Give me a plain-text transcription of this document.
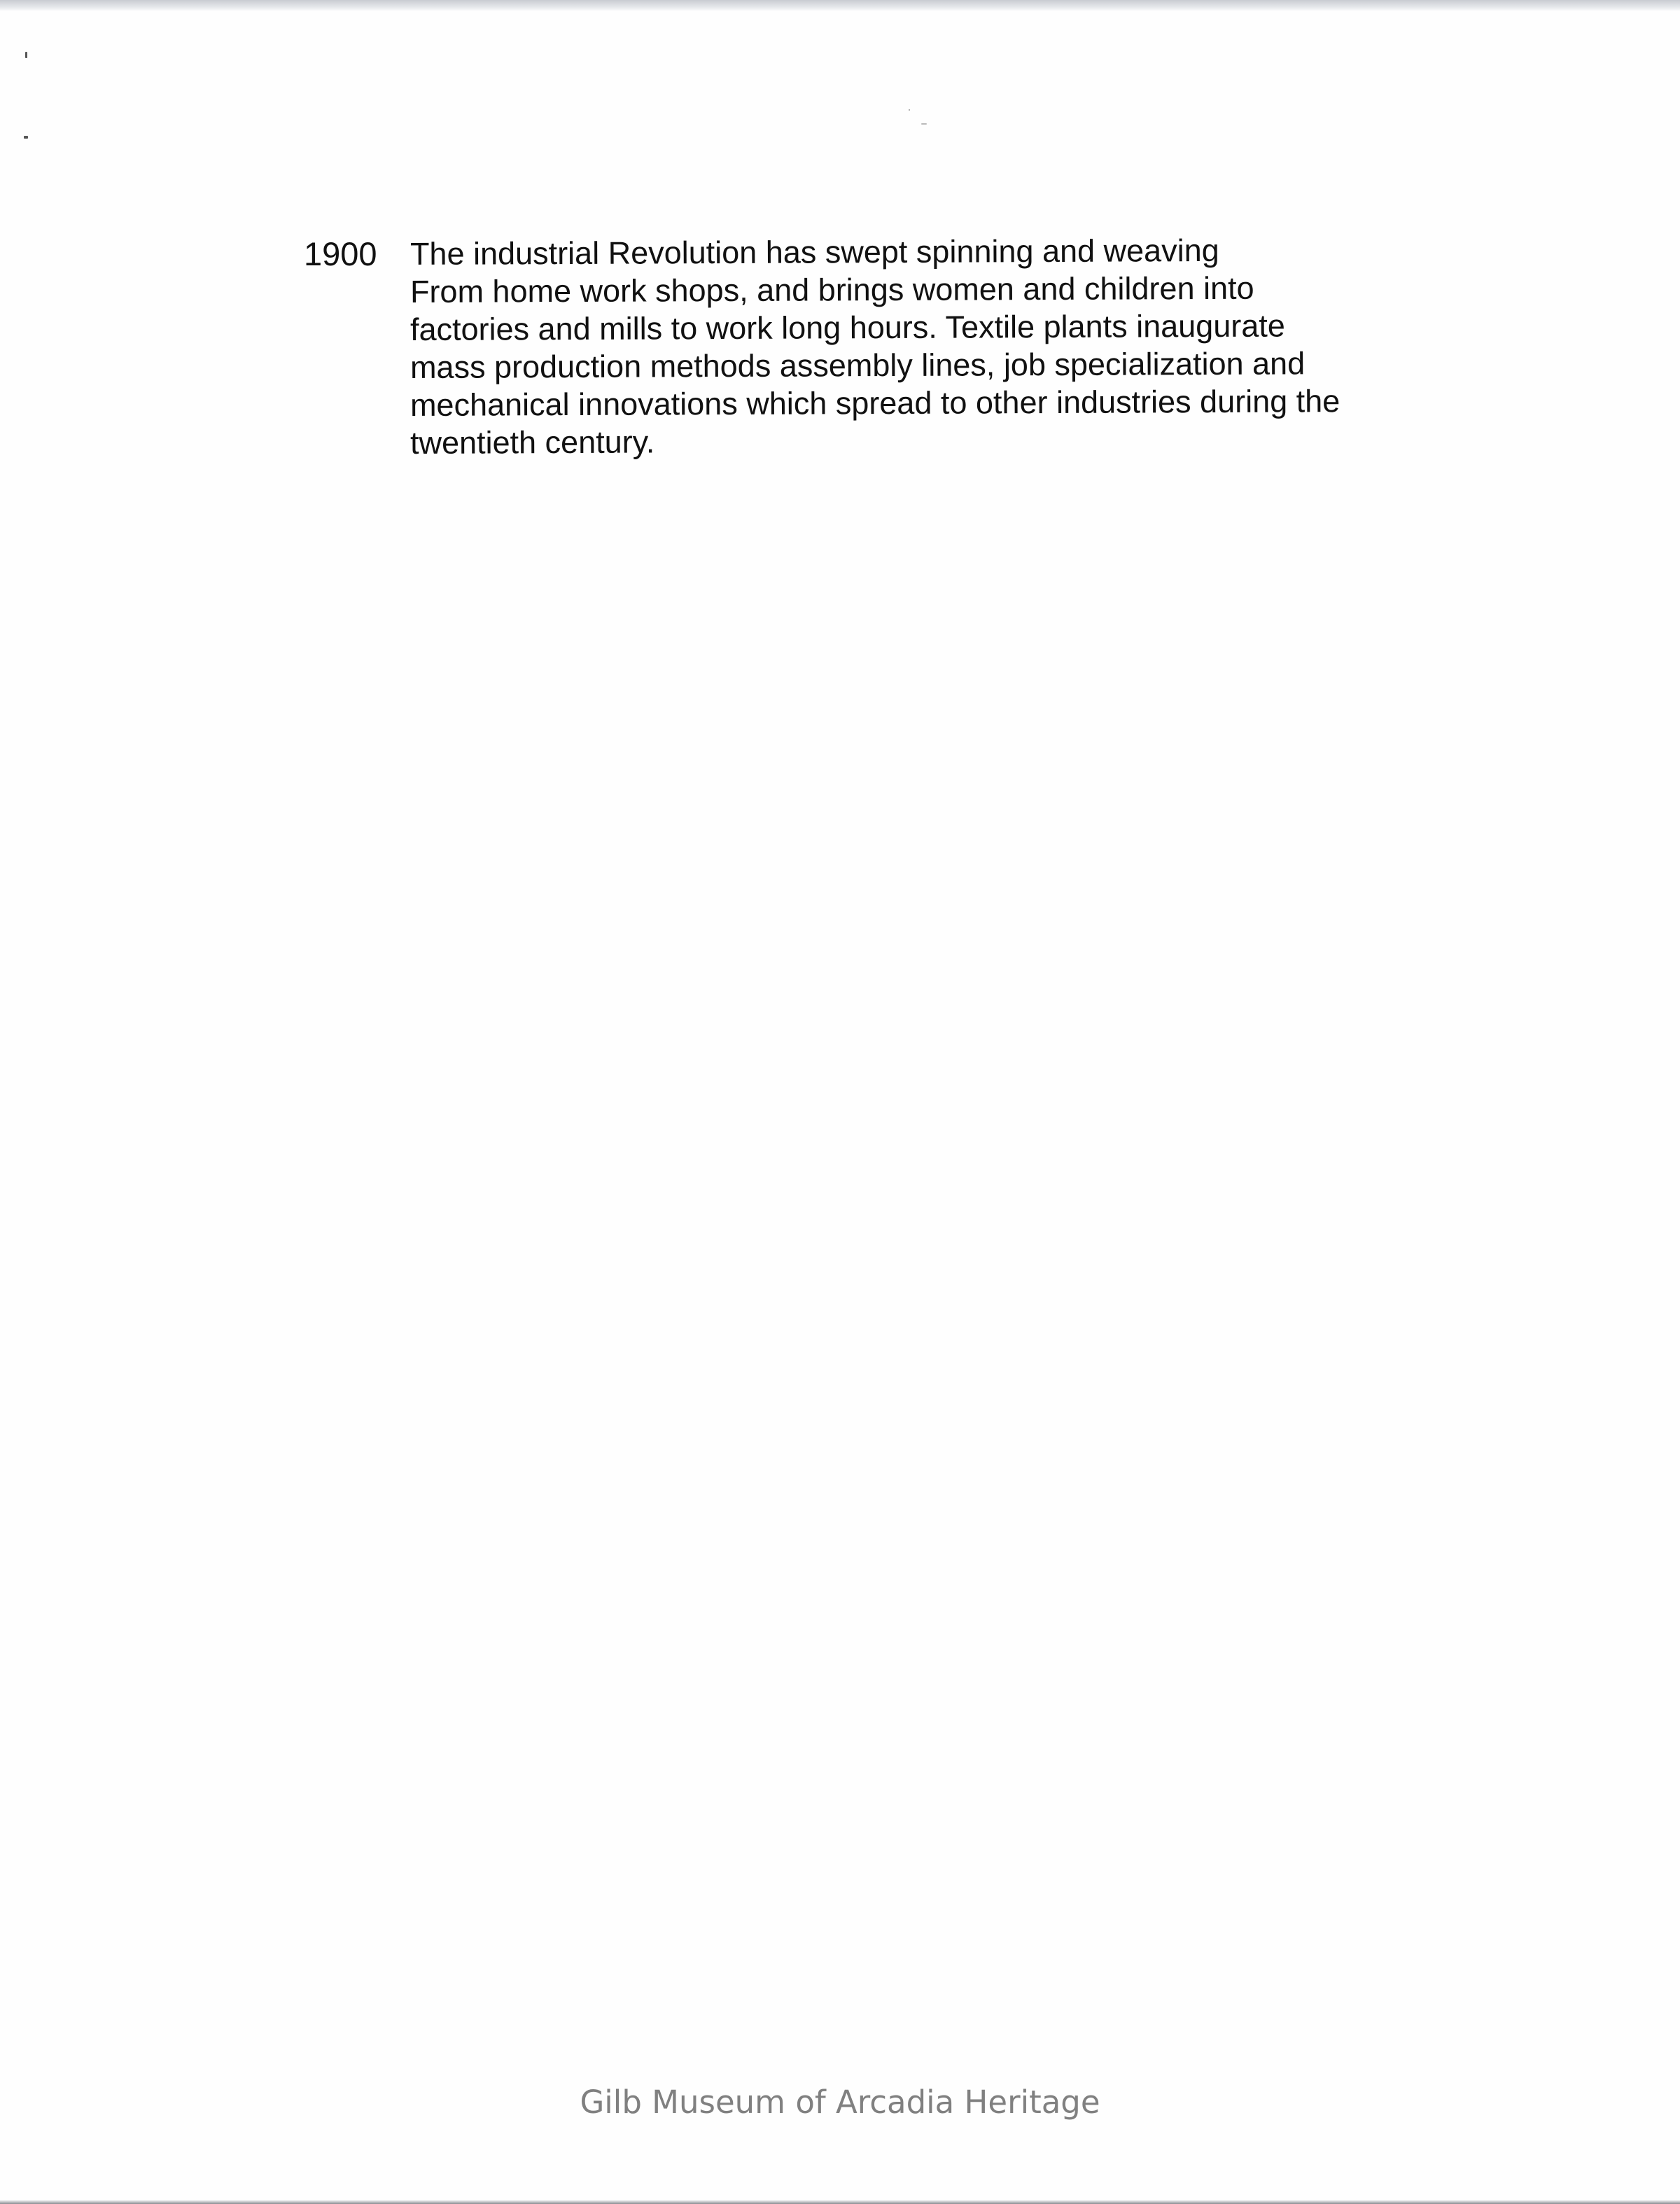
1900 The industrial Revolution has swept spinning and weaving
From home work shops, and brings women and children into
factories and mills to work long hours. Textile plants inaugurate
mass production methods assembly lines, job specialization and
mechanical innovations which spread to other industries during the
twentieth century.
Gilb Museum of Arcadia Heritage
